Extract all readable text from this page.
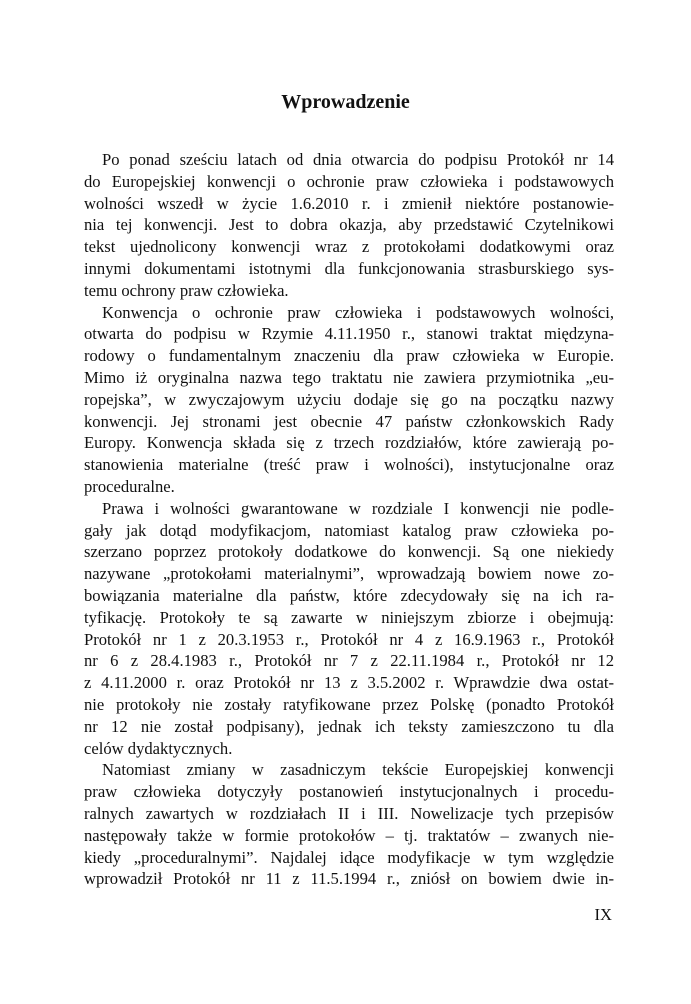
Wprowadzenie
Po ponad sześciu latach od dnia otwarcia do podpisu Protokół nr 14
do Europejskiej konwencji o ochronie praw człowieka i podstawowych
wolności wszedł w życie 1.6.2010 r. i zmienił niektóre postanowie-
nia tej konwencji. Jest to dobra okazja, aby przedstawić Czytelnikowi
tekst ujednolicony konwencji wraz z protokołami dodatkowymi oraz
innymi dokumentami istotnymi dla funkcjonowania strasburskiego sys-
temu ochrony praw człowieka.
Konwencja o ochronie praw człowieka i podstawowych wolności,
otwarta do podpisu w Rzymie 4.11.1950 r., stanowi traktat międzyna-
rodowy o fundamentalnym znaczeniu dla praw człowieka w Europie.
Mimo iż oryginalna nazwa tego traktatu nie zawiera przymiotnika „eu-
ropejska”, w zwyczajowym użyciu dodaje się go na początku nazwy
konwencji. Jej stronami jest obecnie 47 państw członkowskich Rady
Europy. Konwencja składa się z trzech rozdziałów, które zawierają po-
stanowienia materialne (treść praw i wolności), instytucjonalne oraz
proceduralne.
Prawa i wolności gwarantowane w rozdziale I konwencji nie podle-
gały jak dotąd modyfikacjom, natomiast katalog praw człowieka po-
szerzano poprzez protokoły dodatkowe do konwencji. Są one niekiedy
nazywane „protokołami materialnymi”, wprowadzają bowiem nowe zo-
bowiązania materialne dla państw, które zdecydowały się na ich ra-
tyfikację. Protokoły te są zawarte w niniejszym zbiorze i obejmują:
Protokół nr 1 z 20.3.1953 r., Protokół nr 4 z 16.9.1963 r., Protokół
nr 6 z 28.4.1983 r., Protokół nr 7 z 22.11.1984 r., Protokół nr 12
z 4.11.2000 r. oraz Protokół nr 13 z 3.5.2002 r. Wprawdzie dwa ostat-
nie protokoły nie zostały ratyfikowane przez Polskę (ponadto Protokół
nr 12 nie został podpisany), jednak ich teksty zamieszczono tu dla
celów dydaktycznych.
Natomiast zmiany w zasadniczym tekście Europejskiej konwencji
praw człowieka dotyczyły postanowień instytucjonalnych i procedu-
ralnych zawartych w rozdziałach II i III. Nowelizacje tych przepisów
następowały także w formie protokołów – tj. traktatów – zwanych nie-
kiedy „proceduralnymi”. Najdalej idące modyfikacje w tym względzie
wprowadził Protokół nr 11 z 11.5.1994 r., zniósł on bowiem dwie in-
IX
